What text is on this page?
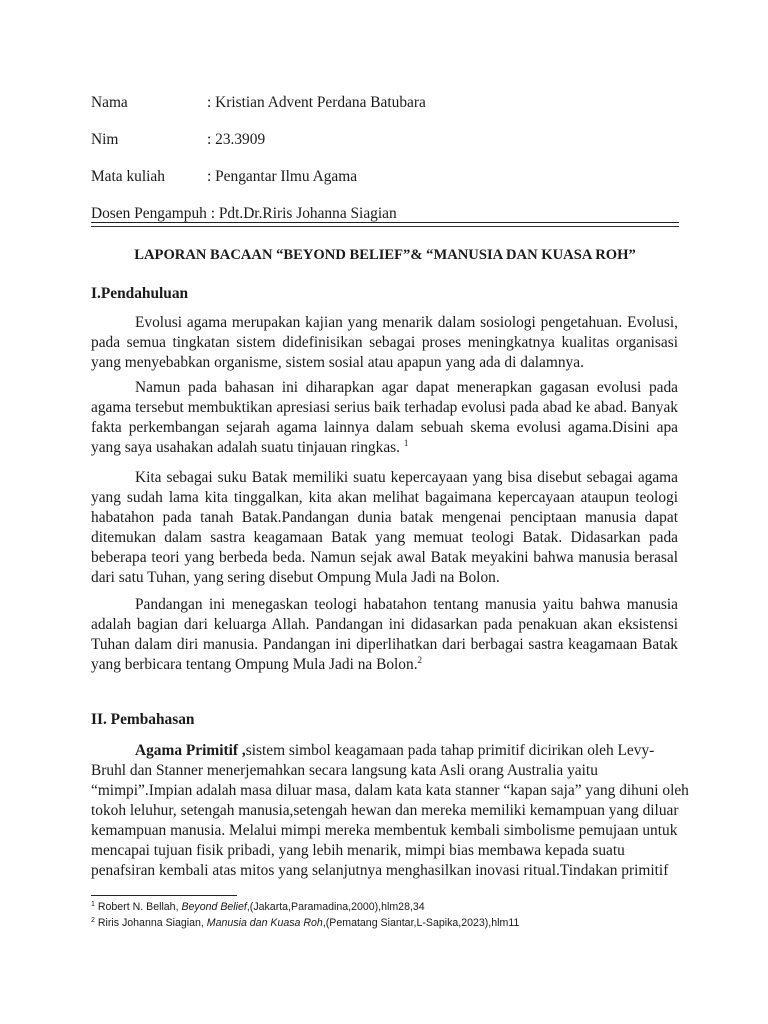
Nama	: Kristian Advent Perdana Batubara
Nim	: 23.3909
Mata kuliah	: Pengantar Ilmu Agama
Dosen Pengampuh : Pdt.Dr.Riris Johanna Siagian
LAPORAN BACAAN “BEYOND BELIEF”& “MANUSIA DAN KUASA ROH”
I.Pendahuluan

Evolusi agama merupakan kajian yang menarik dalam sosiologi pengetahuan. Evolusi, pada semua tingkatan sistem didefinisikan sebagai proses meningkatnya kualitas organisasi yang menyebabkan organisme, sistem sosial atau apapun yang ada di dalamnya.

Namun pada bahasan ini diharapkan agar dapat menerapkan gagasan evolusi pada agama tersebut membuktikan apresiasi serius baik terhadap evolusi pada abad ke abad. Banyak fakta perkembangan sejarah agama lainnya dalam sebuah skema evolusi agama.Disini apa yang saya usahakan adalah suatu tinjauan ringkas. $^1$

Kita sebagai suku Batak memiliki suatu kepercayaan yang bisa disebut sebagai agama yang sudah lama kita tinggalkan, kita akan melihat bagaimana kepercayaan ataupun teologi habatahon pada tanah Batak.Pandangan dunia batak mengenai penciptaan manusia dapat ditemukan dalam sastra keagamaan Batak yang memuat teologi Batak. Didasarkan pada beberapa teori yang berbeda beda. Namun sejak awal Batak meyakini bahwa manusia berasal dari satu Tuhan, yang sering disebut Ompung Mula Jadi na Bolon.

Pandangan ini menegaskan teologi habatahon tentang manusia yaitu bahwa manusia adalah bagian dari keluarga Allah. Pandangan ini didasarkan pada penakuan akan eksistensi Tuhan dalam diri manusia. Pandangan ini diperlihatkan dari berbagai sastra keagamaan Batak yang berbicara tentang Ompung Mula Jadi na Bolon.$^2$

II. Pembahasan
Agama Primitif ,sistem simbol keagamaan pada tahap primitif dicirikan oleh Levy-
Bruhl dan Stanner menerjemahkan secara langsung kata Asli orang Australia yaitu
“mimpi”.Impian adalah masa diluar masa, dalam kata kata stanner “kapan saja” yang dihuni oleh
tokoh leluhur, setengah manusia,setengah hewan dan mereka memiliki kemampuan yang diluar
kemampuan manusia. Melalui mimpi mereka membentuk kembali simbolisme pemujaan untuk
mencapai tujuan fisik pribadi, yang lebih menarik, mimpi bias membawa kepada suatu
penafsiran kembali atas mitos yang selanjutnya menghasilkan inovasi ritual.Tindakan primitif
$^1$ Robert N. Bellah, Beyond Belief,(Jakarta,Paramadina,2000),hlm28,34
$^2$ Riris Johanna Siagian, Manusia dan Kuasa Roh,(Pematang Siantar,L-Sapika,2023),hlm11
